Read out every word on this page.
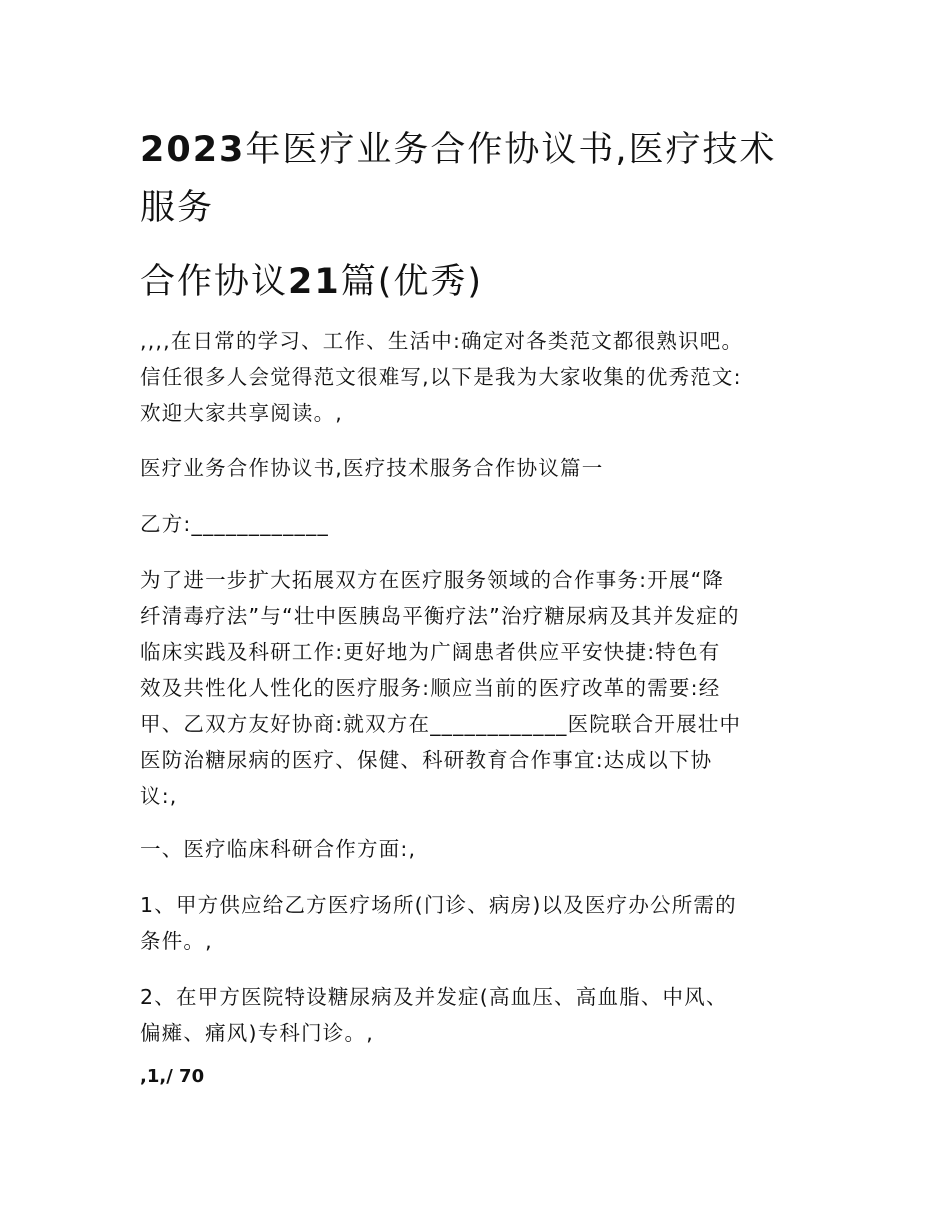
2023年医疗业务合作协议书,医疗技术
服务
合作协议21篇(优秀)
,,,,在日常的学习、工作、生活中:确定对各类范文都很熟识吧。
信任很多人会觉得范文很难写,以下是我为大家收集的优秀范文:
欢迎大家共享阅读。,
医疗业务合作协议书,医疗技术服务合作协议篇一
乙方:____________
为了进一步扩大拓展双方在医疗服务领域的合作事务:开展“降
纤清毒疗法”与“壮中医胰岛平衡疗法”治疗糖尿病及其并发症的
临床实践及科研工作:更好地为广阔患者供应平安快捷:特色有
效及共性化人性化的医疗服务:顺应当前的医疗改革的需要:经
甲、乙双方友好协商:就双方在____________医院联合开展壮中
医防治糖尿病的医疗、保健、科研教育合作事宜:达成以下协
议:,
一、医疗临床科研合作方面:,
1、甲方供应给乙方医疗场所(门诊、病房)以及医疗办公所需的
条件。,
2、在甲方医院特设糖尿病及并发症(高血压、高血脂、中风、
偏瘫、痛风)专科门诊。,
,1,/ 70
